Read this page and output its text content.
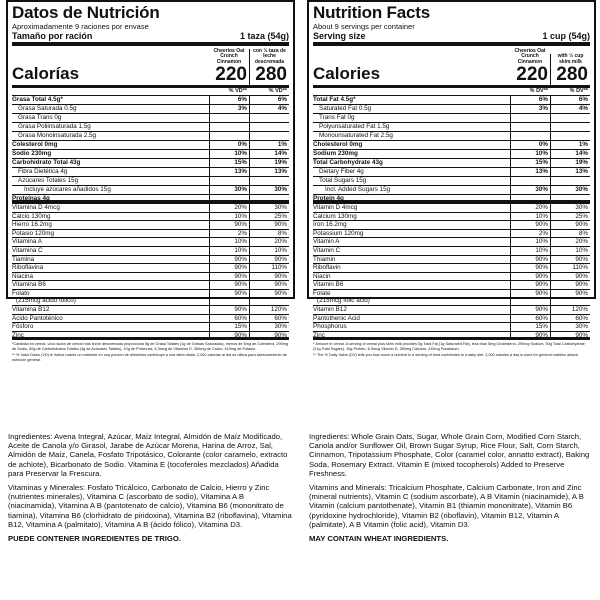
Datos de Nutrición
Aproximadamente 9 raciones por envase
Tamaño por ración	1 taza (54g)
Calorías
Cheerios Oat Crunch Cinnamon
220
con ½ taza de leche descremada
280
% VD**	% VD**
Grasa Total 4.5g*	6%	6%
Grasa Saturada 0.5g	3%	4%
Grasa Trans 0g
Grasa Poliinsaturada 1.5g
Grasa Monoinsaturada 2.5g
Colesterol 0mg	0%	1%
Sodio 230mg	10%	14%
Carbohidrato Total 43g	15%	19%
Fibra Dietética 4g	13%	13%
Azúcares Totales 15g
Incluye azúcares añadidos 15g	30%	30%
Proteínas 4g
Vitamina D 4mcg	20%	30%
Calcio 130mg	10%	25%
Hierro 16.2mg	90%	90%
Potasio 120mg	2%	8%
Vitamina A	10%	20%
Vitamina C	10%	10%
Tiamina	90%	90%
Riboflavina	90%	110%
Niacina	90%	90%
Vitamina B6	90%	90%
Folato
(215mcg ácido fólico)
90%	90%
Vitamina B12	90%	120%
Ácido Pantoténico	60%	60%
Fósforo	15%	30%
Zinc	90%	90%
*Cantidad en cereal. Una ración de cereal más leche descremada proporciona 5g de Grasa Totales (1g de Grasas Saturadas), menos de 5mg de Colesterol, 290mg de Sodio, 50g de Carbohidratos Totales (4g de Azúcares Totales), 10g de Proteínas, 6.3mcg de Vitamina D, 350mg de Calcio, 410mg de Potasio.
** % Valor Diario (VD) le indica cuánto un nutriente en una porción de alimentos contribuye a una dieta diaria. 2,000 calorías al día se utiliza para asesoramiento de nutrición general.

Ingredientes: Avena Integral, Azúcar, Maíz Integral, Almidón de Maíz Modificado, Aceite de Canola y/o Girasol, Jarabe de Azúcar Morena, Harina de Arroz, Sal, Almidón de Maíz, Canela, Fosfato Tripotásico, Colorante (color caramelo, extracto de achiote), Bicarbonato de Sodio. Vitamina E (tocoferoles mezclados) Añadida para Preservar la Frescura.

Vitaminas y Minerales: Fosfato Tricálcico, Carbonato de Calcio, Hierro y Zinc (nutrientes minerales), Vitamina C (ascorbato de sodio), Vitamina A B (niacinamida), Vitamina A B (pantotenato de calcio), Vitamina B6 (mononitrato de tiamina), Vitamina B6 (clorhidrato de piridoxina), Vitamina B2 (riboflavina), Vitamina B12, Vitamina A (palmitato), Vitamina A B (ácido fólico), Vitamina D3.

PUEDE CONTENER INGREDIENTES DE TRIGO.

Nutrition Facts
About 9 servings per container
Serving size	1 cup (54g)
Calories
Cheerios Oat Crunch Cinnamon
220
with ½ cup skim milk
280
% DV**	% DV**
Total Fat 4.5g*	6%	6%
Saturated Fat 0.5g	3%	4%
Trans Fat 0g
Polyunsaturated Fat 1.5g
Monounsaturated Fat 2.5g
Cholesterol 0mg	0%	1%
Sodium 230mg	10%	14%
Total Carbohydrate 43g	15%	19%
Dietary Fiber 4g	13%	13%
Total Sugars 15g
Incl. Added Sugars 15g	30%	30%
Protein 4g
Vitamin D 4mcg	20%	30%
Calcium 130mg	10%	25%
Iron 16.2mg	90%	90%
Potassium 120mg	2%	8%
Vitamin A	10%	20%
Vitamin C	10%	10%
Thiamin	90%	90%
Riboflavin	90%	110%
Niacin	90%	90%
Vitamin B6	90%	90%
Folate
(215mcg folic acid)
90%	90%
Vitamin B12	90%	120%
Pantothenic Acid	60%	60%
Phosphorus	15%	30%
Zinc	90%	90%
* Amount in cereal. A serving of cereal plus skim milk provides 5g Total Fat (1g Saturated Fat), less than 5mg Cholesterol, 290mg Sodium, 50g Total Carbohydrate (21g Total Sugars), 10g Protein, 6.3mcg Vitamin D, 350mg Calcium, 410mg Potassium.
** The % Daily Value (DV) tells you how much a nutrient in a serving of food contributes to a daily diet. 2,000 calories a day is used for general nutrition advice.

Ingredients: Whole Grain Oats, Sugar, Whole Grain Corn, Modified Corn Starch, Canola and/or Sunflower Oil, Brown Sugar Syrup, Rice Flour, Salt, Corn Starch, Cinnamon, Tripotassium Phosphate, Color (caramel color, annatto extract), Baking Soda, Rosemary Extract. Vitamin E (mixed tocopherols) Added to Preserve Freshness.

Vitamins and Minerals: Tricalcium Phosphate, Calcium Carbonate, Iron and Zinc (mineral nutrients), Vitamin C (sodium ascorbate), A B Vitamin (niacinamide), A B Vitamin (calcium pantothenate), Vitamin B1 (thiamin mononitrate), Vitamin B6 (pyridoxine hydrochloride), Vitamin B2 (riboflavin), Vitamin B12, Vitamin A (palmitate), A B Vitamin (folic acid), Vitamin D3.

MAY CONTAIN WHEAT INGREDIENTS.
